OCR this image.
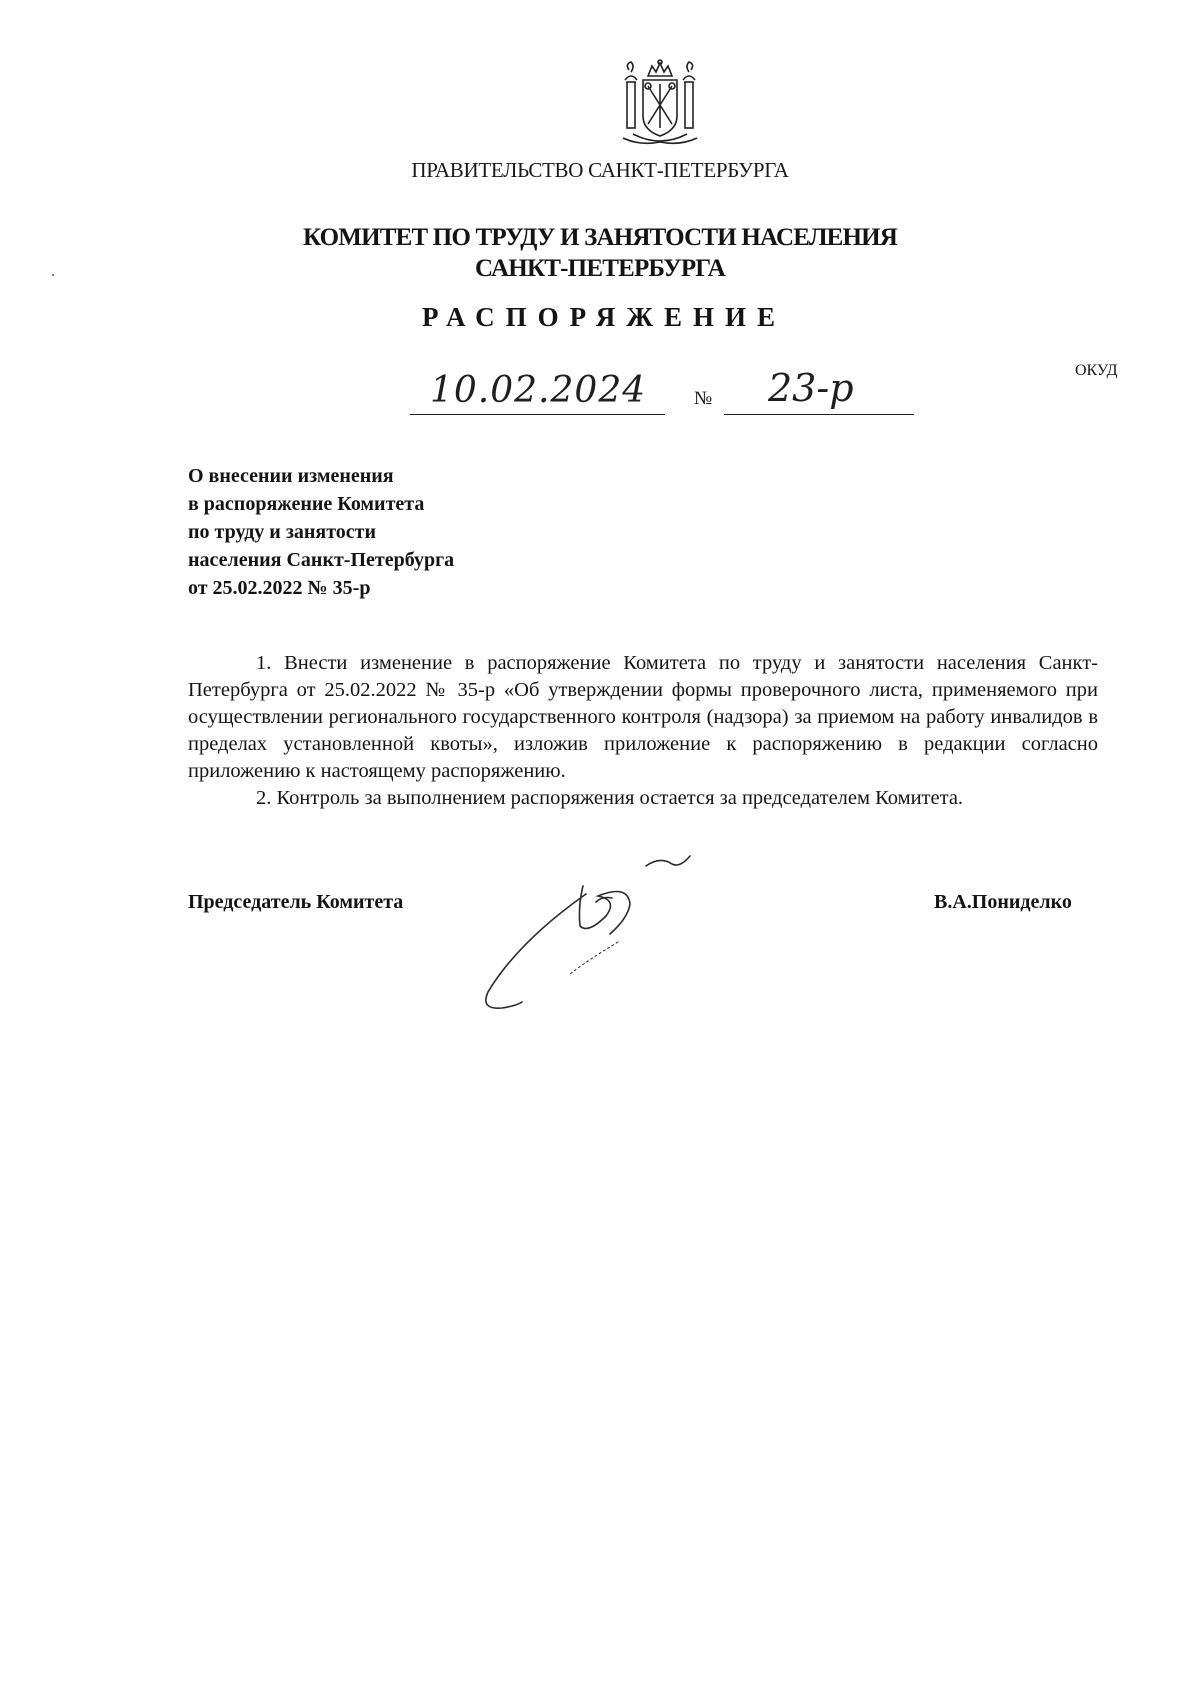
ПРАВИТЕЛЬСТВО САНКТ-ПЕТЕРБУРГА
КОМИТЕТ ПО ТРУДУ И ЗАНЯТОСТИ НАСЕЛЕНИЯ
САНКТ-ПЕТЕРБУРГА
РАСПОРЯЖЕНИЕ
ОКУД
10.02.2024	№ 23-р
О внесении изменения
в распоряжение Комитета
по труду и занятости
населения Санкт-Петербурга
от 25.02.2022 № 35-р

1. Внести изменение в распоряжение Комитета по труду и занятости населения Санкт-Петербурга от 25.02.2022 № 35-р «Об утверждении формы проверочного листа, применяемого при осуществлении регионального государственного контроля (надзора) за приемом на работу инвалидов в пределах установленной квоты», изложив приложение к распоряжению в редакции согласно приложению к настоящему распоряжению.

2. Контроль за выполнением распоряжения остается за председателем Комитета.

Председатель Комитета	В.А.Пониделко
